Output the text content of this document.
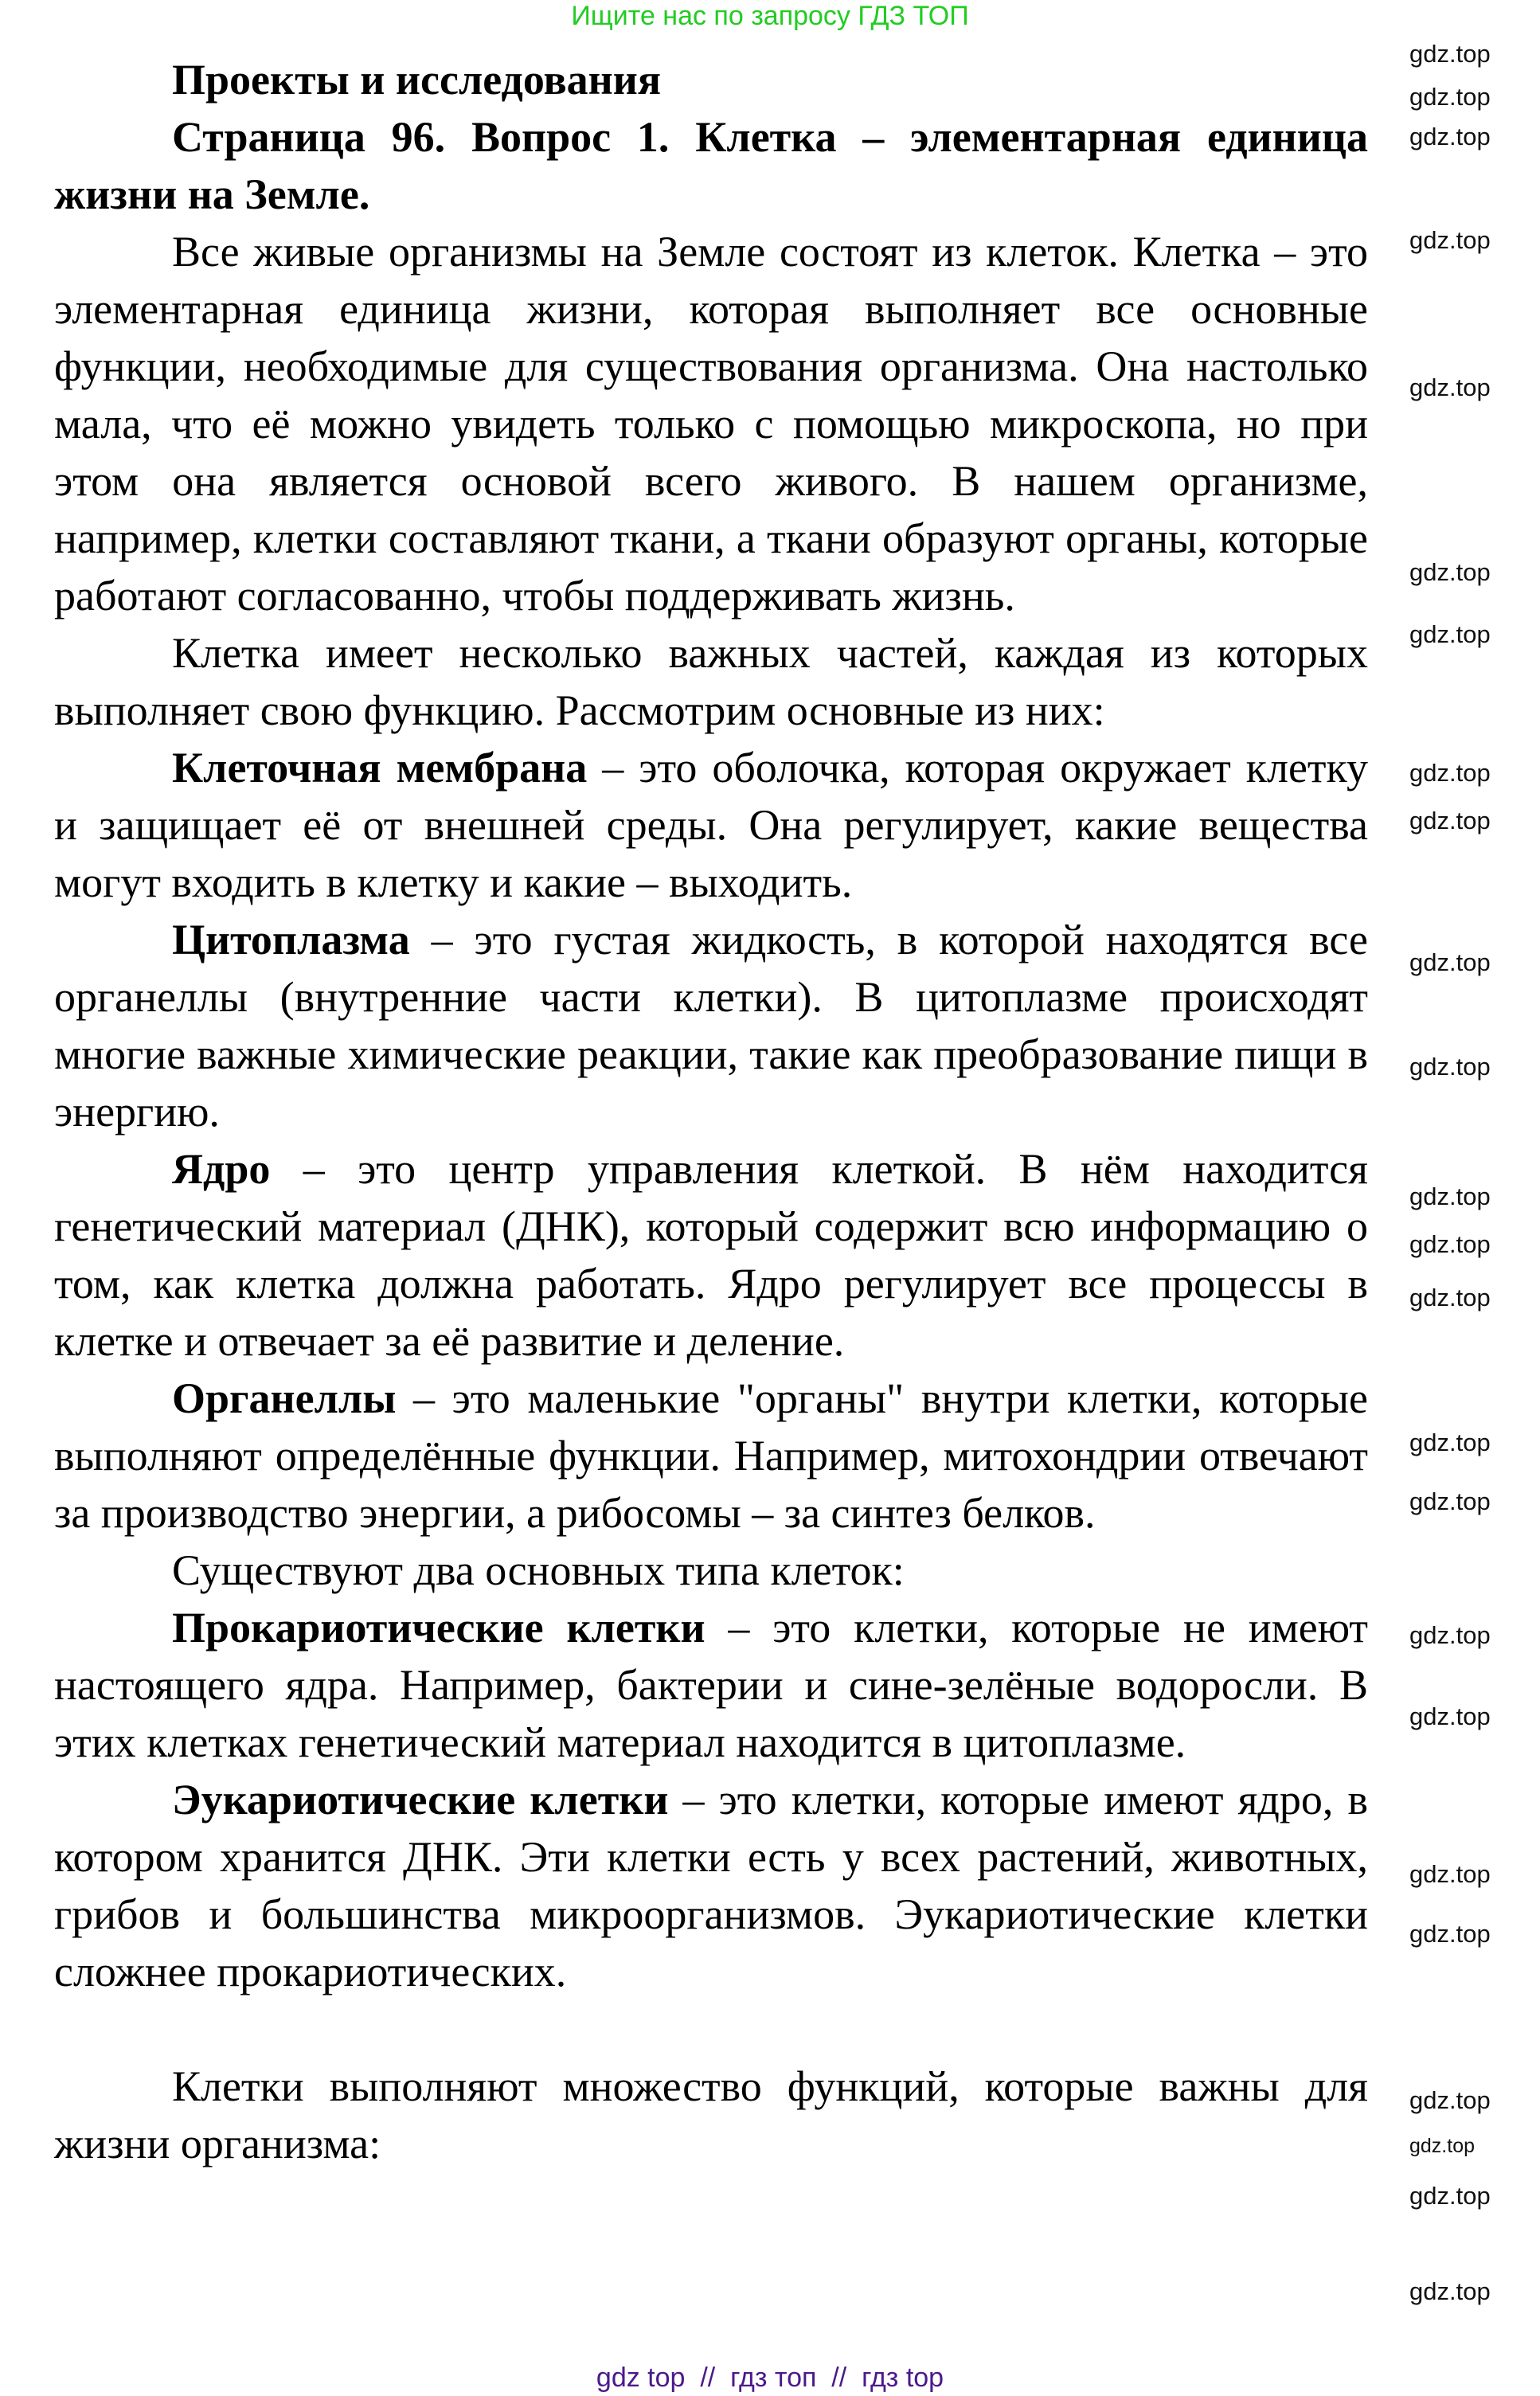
Ищите нас по запросу ГДЗ ТОП

Проекты и исследования

Страница 96. Вопрос 1. Клетка – элементарная единица жизни на Земле.

Все живые организмы на Земле состоят из клеток. Клетка – это элементарная единица жизни, которая выполняет все основные функции, необходимые для существования организма. Она настолько мала, что её можно увидеть только с помощью микроскопа, но при этом она является основой всего живого. В нашем организме, например, клетки составляют ткани, а ткани образуют органы, которые работают согласованно, чтобы поддерживать жизнь.

Клетка имеет несколько важных частей, каждая из которых выполняет свою функцию. Рассмотрим основные из них:

Клеточная мембрана – это оболочка, которая окружает клетку и защищает её от внешней среды. Она регулирует, какие вещества могут входить в клетку и какие – выходить.

Цитоплазма – это густая жидкость, в которой находятся все органеллы (внутренние части клетки). В цитоплазме происходят многие важные химические реакции, такие как преобразование пищи в энергию.

Ядро – это центр управления клеткой. В нём находится генетический материал (ДНК), который содержит всю информацию о том, как клетка должна работать. Ядро регулирует все процессы в клетке и отвечает за её развитие и деление.

Органеллы – это маленькие "органы" внутри клетки, которые выполняют определённые функции. Например, митохондрии отвечают за производство энергии, а рибосомы – за синтез белков.

Существуют два основных типа клеток:

Прокариотические клетки – это клетки, которые не имеют настоящего ядра. Например, бактерии и сине-зелёные водоросли. В этих клетках генетический материал находится в цитоплазме.

Эукариотические клетки – это клетки, которые имеют ядро, в котором хранится ДНК. Эти клетки есть у всех растений, животных, грибов и большинства микроорганизмов. Эукариотические клетки сложнее прокариотических.

Клетки выполняют множество функций, которые важны для жизни организма:

gdz.top
gdz.top
gdz.top
gdz.top
gdz.top
gdz.top
gdz.top
gdz.top
gdz.top
gdz.top
gdz.top
gdz.top
gdz.top
gdz.top
gdz.top
gdz.top
gdz.top
gdz.top
gdz.top
gdz.top
gdz.top
gdz.top
gdz.top
gdz.top
gdz top  //  гдз топ  //  гдз top
